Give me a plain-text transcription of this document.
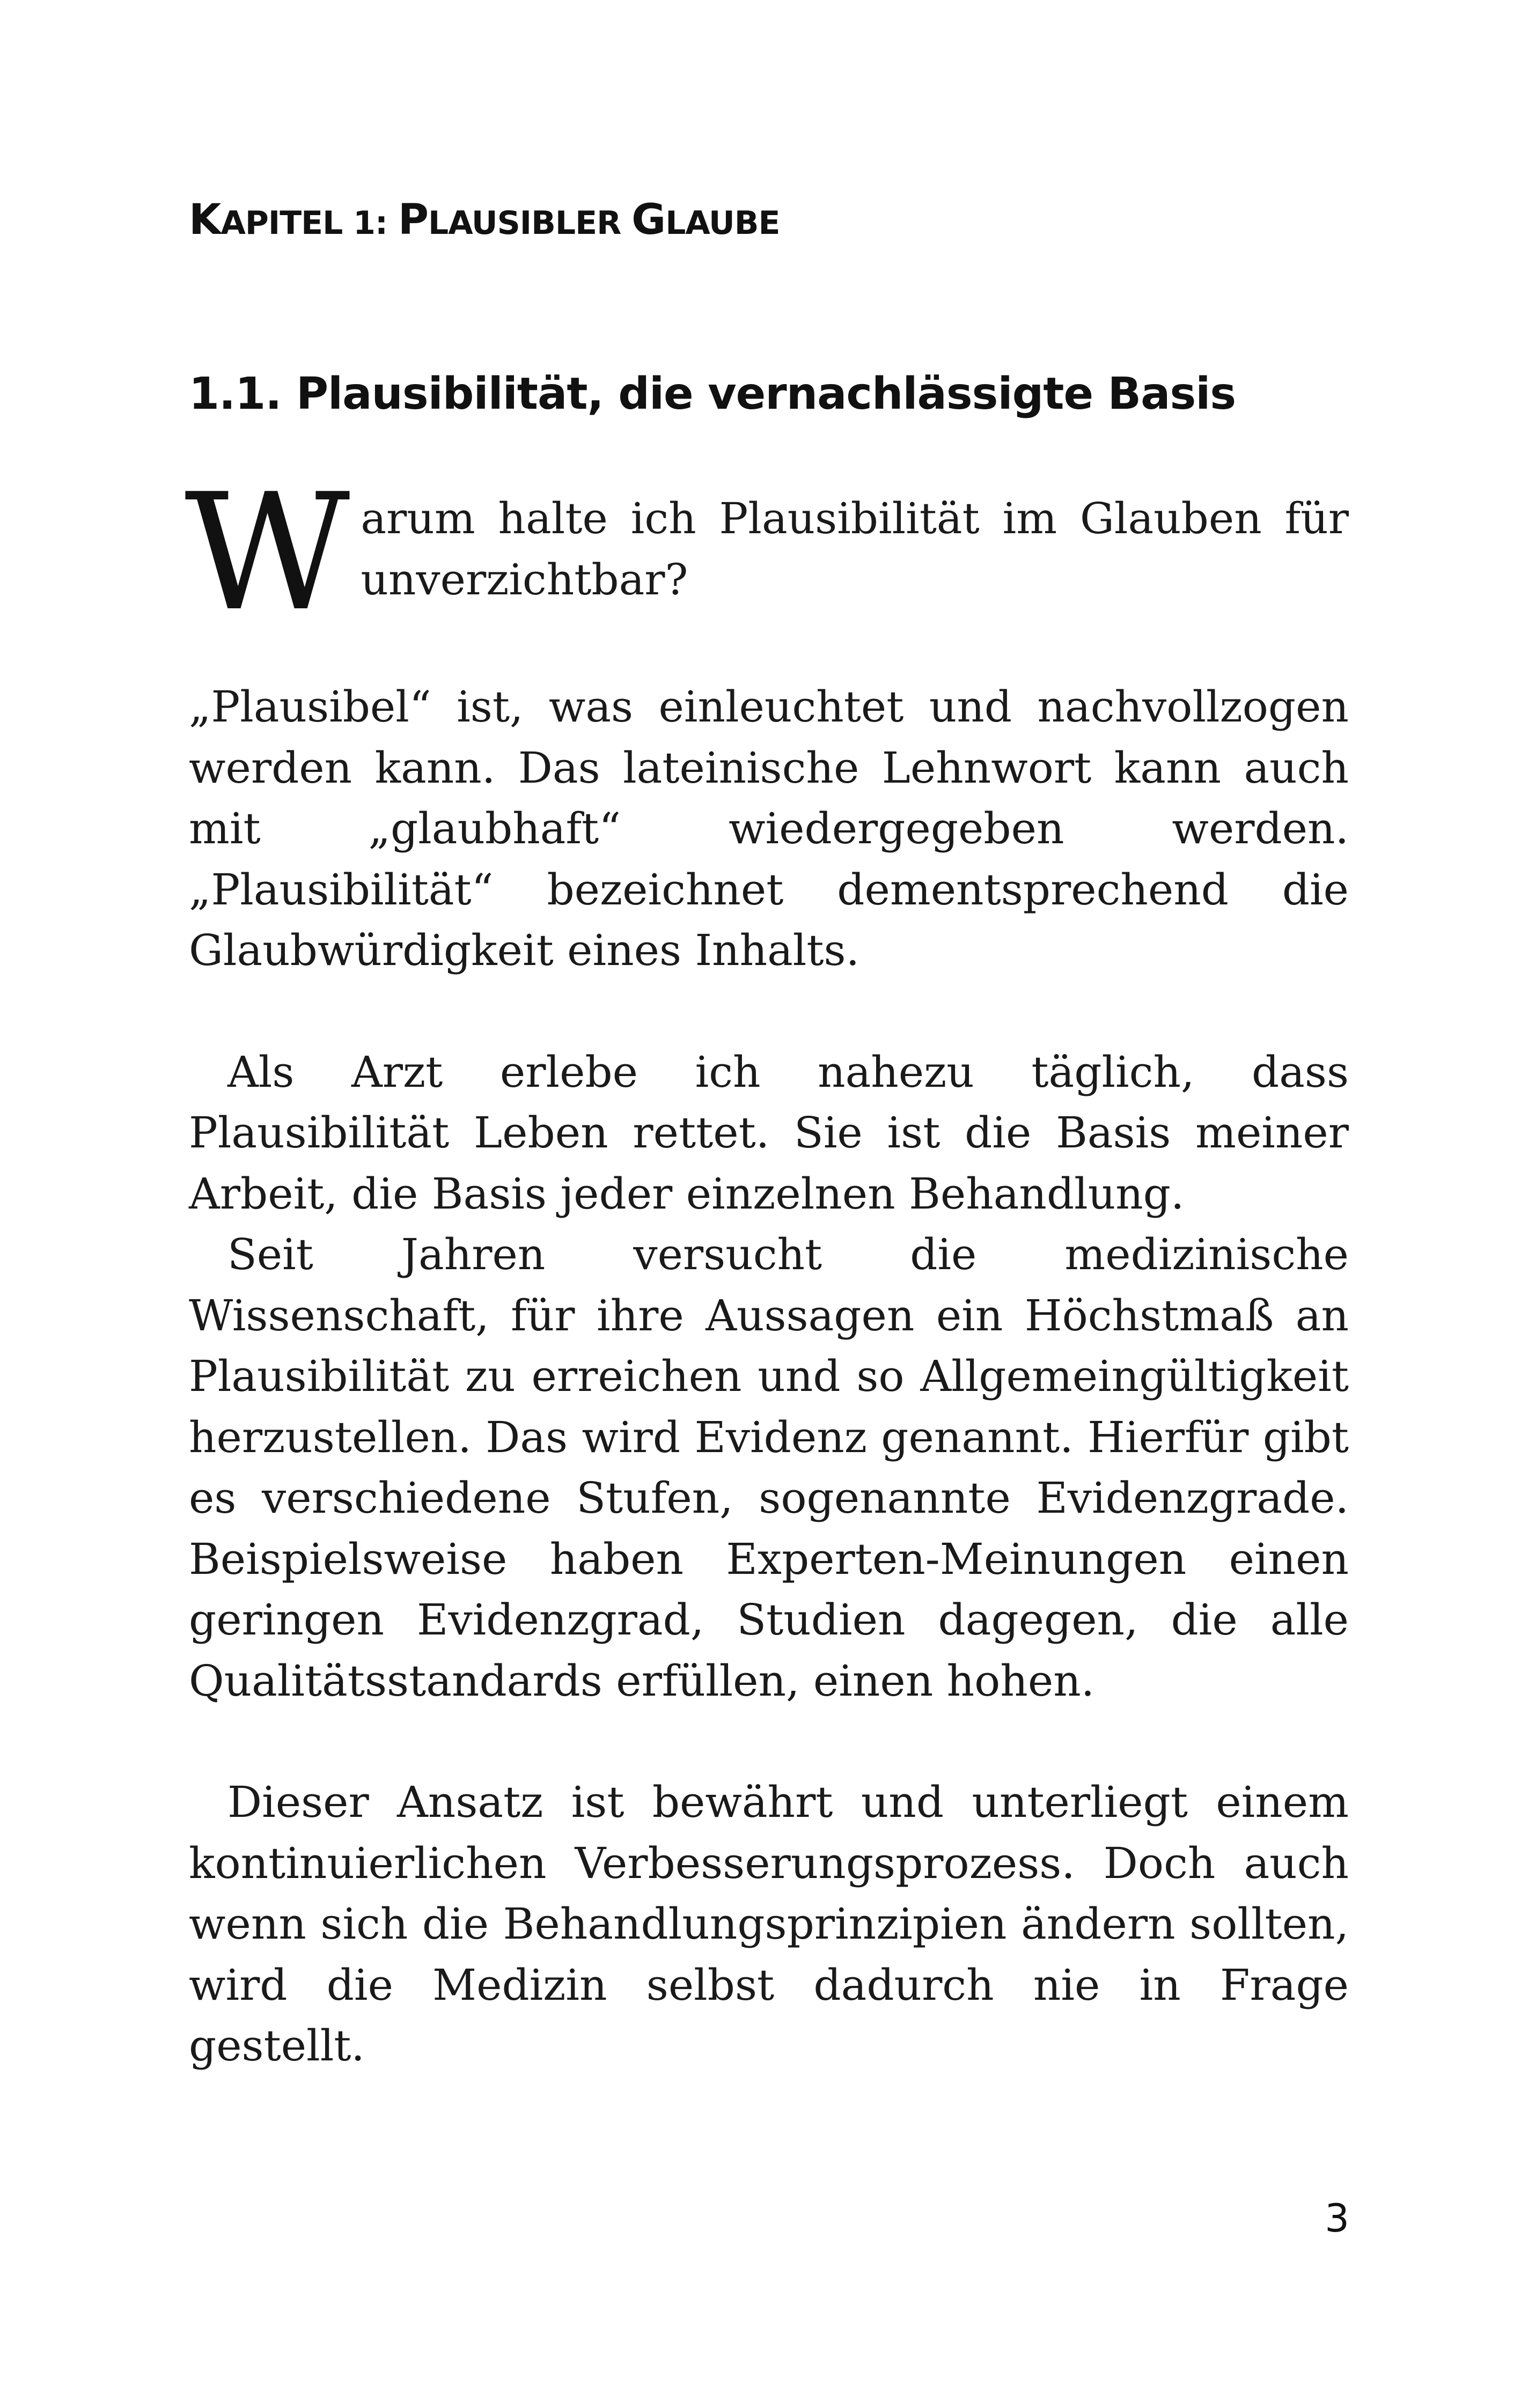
KAPITEL 1: PLAUSIBLER GLAUBE
1.1. Plausibilität, die vernachlässigte Basis

Warum halte ich Plausibilität im Glauben für unverzichtbar?

„Plausibel“ ist, was einleuchtet und nachvollzogen werden kann. Das lateinische Lehnwort kann auch mit „glaubhaft“ wiedergegeben werden. „Plausibilität“ bezeichnet dementsprechend die Glaubwürdigkeit eines Inhalts.

Als Arzt erlebe ich nahezu täglich, dass Plausibilität Leben rettet. Sie ist die Basis meiner Arbeit, die Basis jeder einzelnen Behandlung.

Seit Jahren versucht die medizinische Wissenschaft, für ihre Aussagen ein Höchstmaß an Plausibilität zu erreichen und so Allgemeingültigkeit herzustellen. Das wird Evidenz genannt. Hierfür gibt es verschiedene Stufen, sogenannte Evidenzgrade. Beispielsweise haben Experten-Meinungen einen geringen Evidenzgrad, Studien dagegen, die alle Qualitätsstandards erfüllen, einen hohen.

Dieser Ansatz ist bewährt und unterliegt einem kontinuierlichen Verbesserungsprozess. Doch auch wenn sich die Behandlungsprinzipien ändern sollten, wird die Medizin selbst dadurch nie in Frage gestellt.

3
